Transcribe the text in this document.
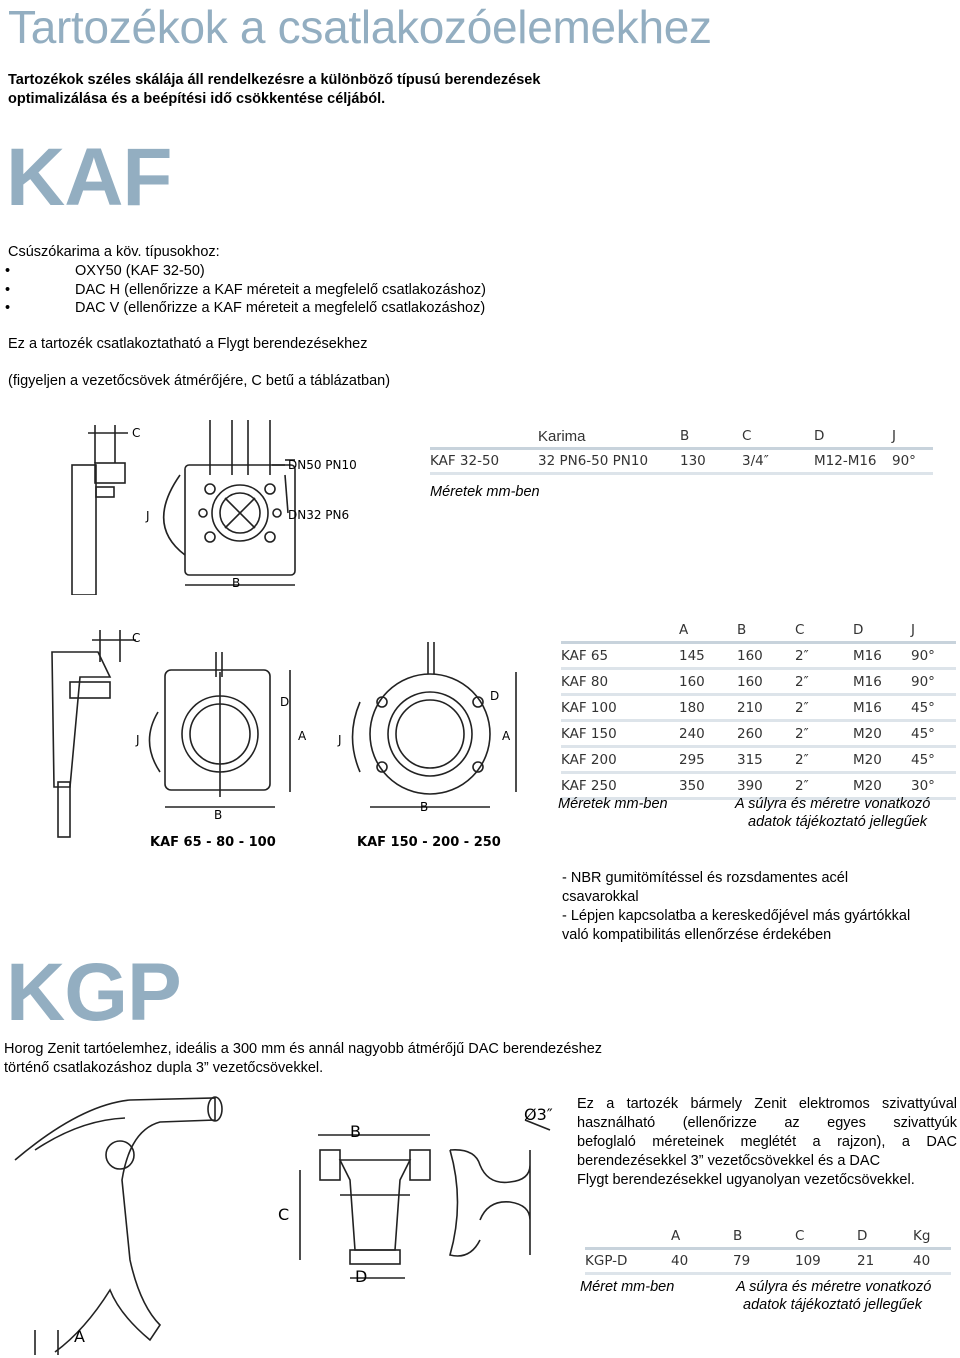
Tartozékok a csatlakozóelemekhez
Tartozékok széles skálája áll rendelkezésre a különböző típusú berendezések optimalizálása és a beépítési idő csökkentése céljából.
KAF
Csúszókarima a köv. típusokhoz:
• OXY50 (KAF 32-50)
• DAC H (ellenőrizze a KAF méreteit a megfelelő csatlakozáshoz)
• DAC V (ellenőrizze a KAF méreteit a megfelelő csatlakozáshoz)
Ez a tartozék csatlakoztatható a Flygt berendezésekhez
(figyeljen a vezetőcsövek átmérőjére, C betű a táblázatban)
C
J
B
DN50 PN10
DN32 PN6
	Karima	B	C	D	J
KAF 32-50	32 PN6-50 PN10	130	3/4″	M12-M16	90°
Méretek mm-ben
C
J
D
A
B
J
D
A
B
KAF 65 - 80 - 100	KAF 150 - 200 - 250
	A	B	C	D	J
KAF 65	145	160	2″	M16	90°
KAF 80	160	160	2″	M16	90°
KAF 100	180	210	2″	M16	45°
KAF 150	240	260	2″	M20	45°
KAF 200	295	315	2″	M20	45°
KAF 250	350	390	2″	M20	30°
Méretek mm-ben	A súlyra és méretre vonatkozó
adatok tájékoztató jellegűek
- NBR gumitömítéssel és rozsdamentes acél
csavarokkal
- Lépjen kapcsolatba a kereskedőjével más gyártókkal
való kompatibilitás ellenőrzése érdekében
KGP
Horog Zenit tartóelemhez, ideális a 300 mm és annál nagyobb átmérőjű DAC berendezéshez
történő csatlakozáshoz dupla 3” vezetőcsövekkel.
Ez a tartozék bármely Zenit elektromos szivattyúval
használható (ellenőrizze az egyes szivattyúk
befoglaló méreteinek meglétét a rajzon), a DAC
berendezésekkel 3” vezetőcsövekkel és a DAC
Flygt berendezésekkel ugyanolyan vezetőcsövekkel.
B
C
D
A
Ø3″
	A	B	C	D	Kg
KGP-D	40	79	109	21	40
Méret mm-ben	A súlyra és méretre vonatkozó
adatok tájékoztató jellegűek
